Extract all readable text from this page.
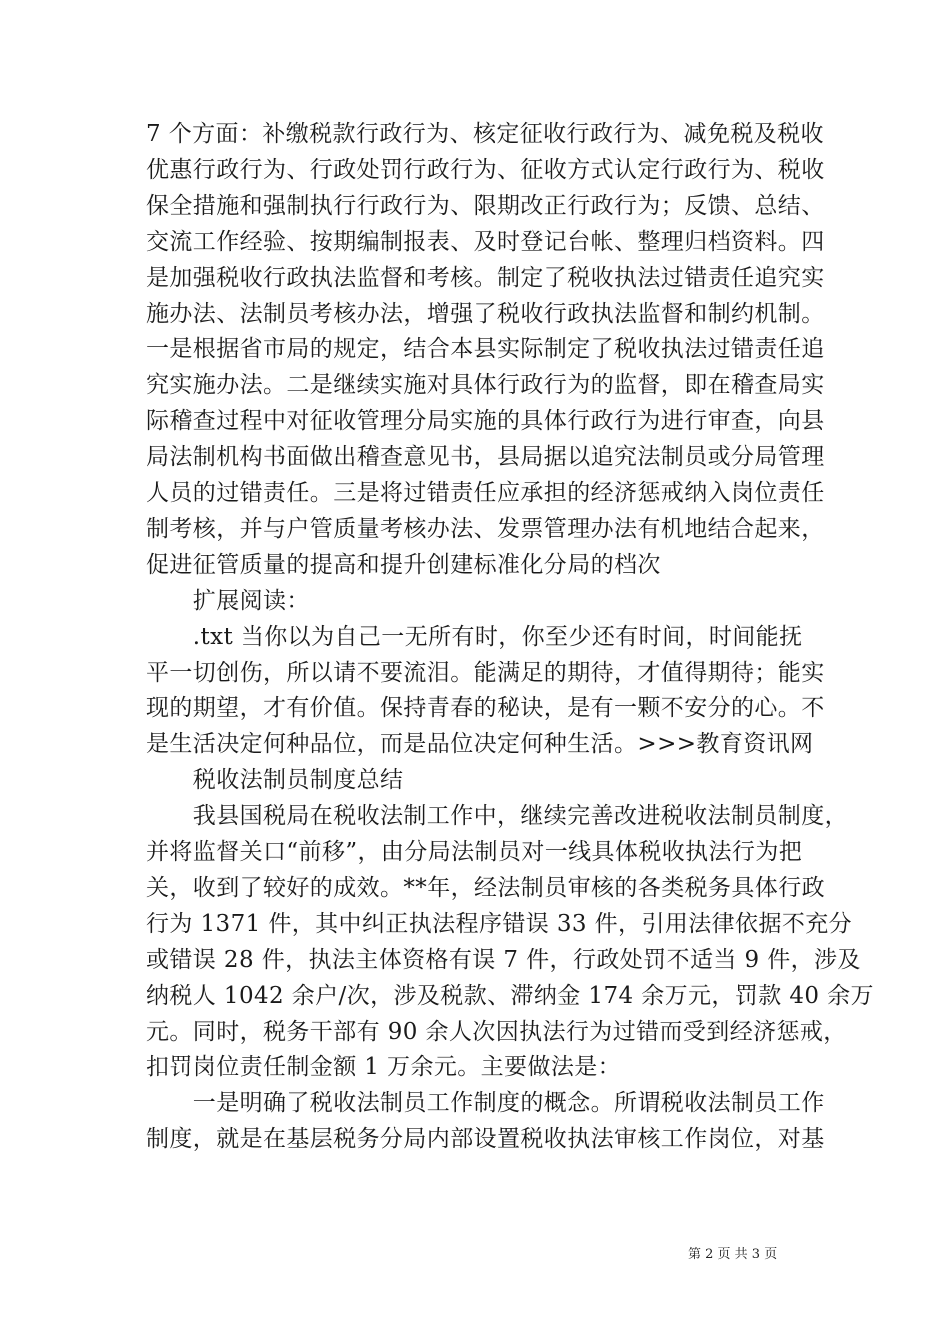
7 个方面：补缴税款行政行为、核定征收行政行为、减免税及税收
优惠行政行为、行政处罚行政行为、征收方式认定行政行为、税收
保全措施和强制执行行政行为、限期改正行政行为；反馈、总结、
交流工作经验、按期编制报表、及时登记台帐、整理归档资料。四
是加强税收行政执法监督和考核。制定了税收执法过错责任追究实
施办法、法制员考核办法，增强了税收行政执法监督和制约机制。
一是根据省市局的规定，结合本县实际制定了税收执法过错责任追
究实施办法。二是继续实施对具体行政行为的监督，即在稽查局实
际稽查过程中对征收管理分局实施的具体行政行为进行审查，向县
局法制机构书面做出稽查意见书，县局据以追究法制员或分局管理
人员的过错责任。三是将过错责任应承担的经济惩戒纳入岗位责任
制考核，并与户管质量考核办法、发票管理办法有机地结合起来，
促进征管质量的提高和提升创建标准化分局的档次
　　扩展阅读：
　　.txt 当你以为自己一无所有时，你至少还有时间，时间能抚
平一切创伤，所以请不要流泪。能满足的期待，才值得期待；能实
现的期望，才有价值。保持青春的秘诀，是有一颗不安分的心。不
是生活决定何种品位，而是品位决定何种生活。>>>教育资讯网
　　税收法制员制度总结
　　我县国税局在税收法制工作中，继续完善改进税收法制员制度，
并将监督关口“前移”，由分局法制员对一线具体税收执法行为把
关，收到了较好的成效。**年，经法制员审核的各类税务具体行政
行为 1371 件，其中纠正执法程序错误 33 件，引用法律依据不充分
或错误 28 件，执法主体资格有误 7 件，行政处罚不适当 9 件，涉及
纳税人 1042 余户/次，涉及税款、滞纳金 174 余万元，罚款 40 余万
元。同时，税务干部有 90 余人次因执法行为过错而受到经济惩戒，
扣罚岗位责任制金额 1 万余元。主要做法是：
　　一是明确了税收法制员工作制度的概念。所谓税收法制员工作
制度，就是在基层税务分局内部设置税收执法审核工作岗位，对基
第 2 页 共 3 页
